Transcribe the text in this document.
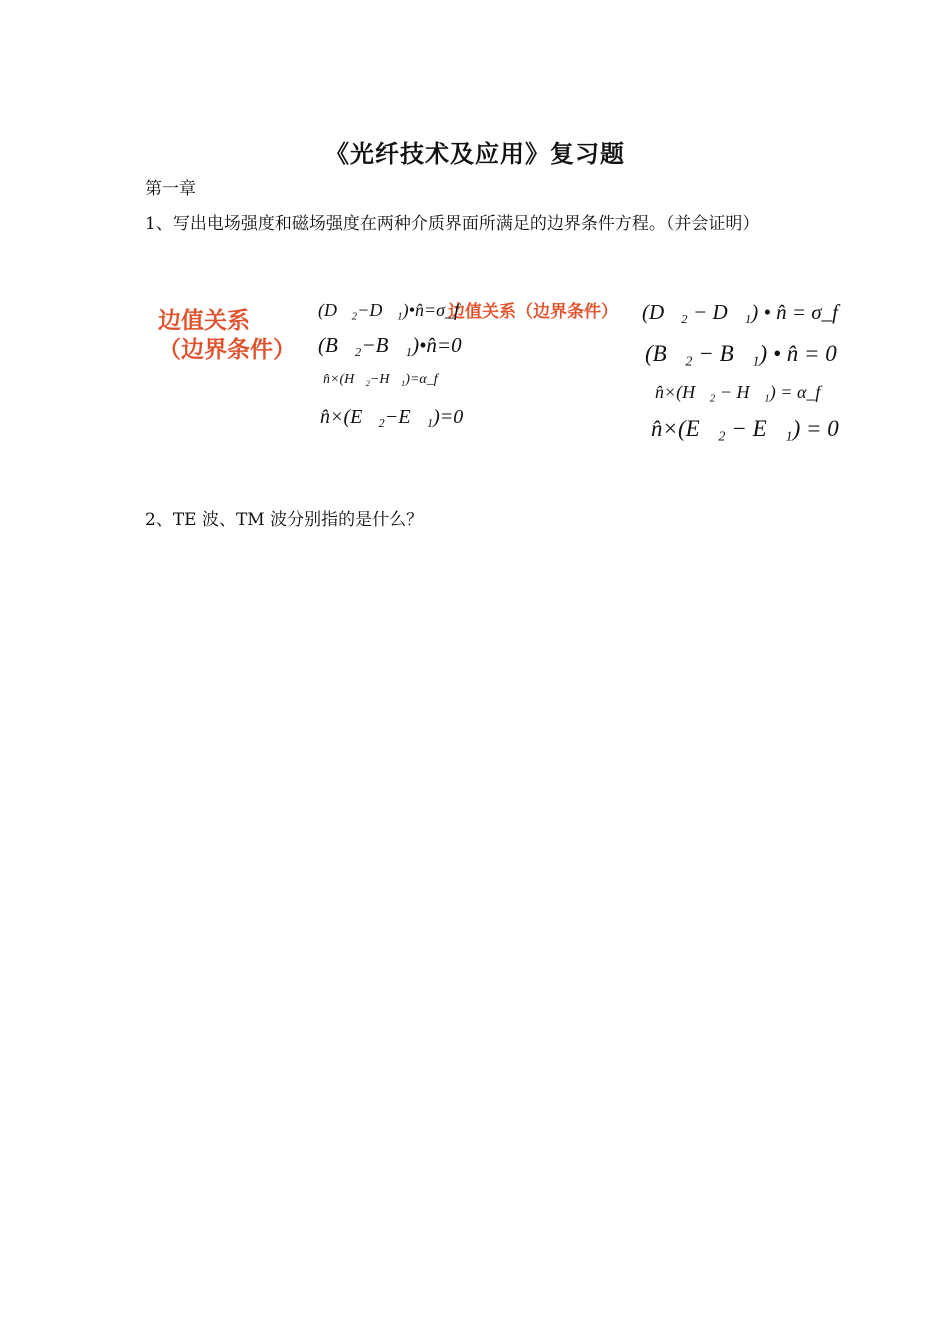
《光纤技术及应用》复习题
第一章
1、写出电场强度和磁场强度在两种介质界面所满足的边界条件方程。（并会证明）
边值关系
（边界条件）
边值关系（边界条件）
(D⃗₂−D⃗₁)•n̂=σ_f
(B⃗₂−B⃗₁)•n̂=0
n̂×(H⃗₂−H⃗₁)=α_f
n̂×(E⃗₂−E⃗₁)=0
(D⃗₂ − D⃗₁) • n̂ = σ_f
(B⃗₂ − B⃗₁) • n̂ = 0
n̂×(H⃗₂ − H⃗₁) = α_f
n̂×(E⃗₂ − E⃗₁) = 0
2、TE 波、TM 波分别指的是什么？
